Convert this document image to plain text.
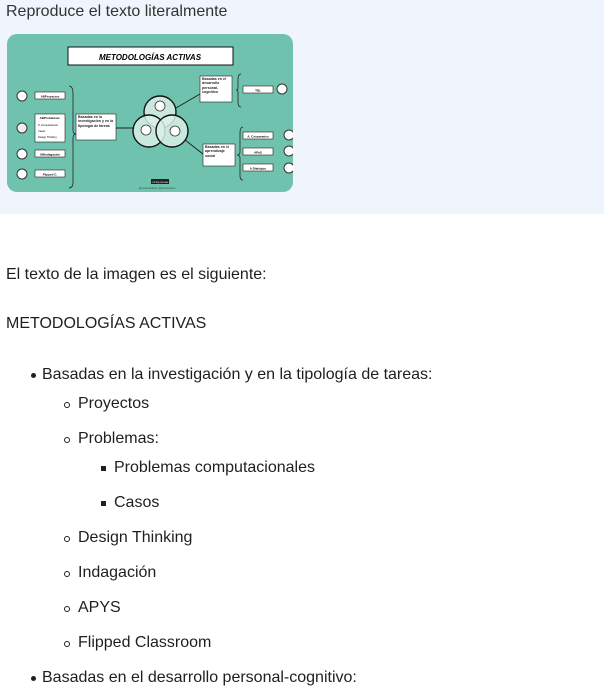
Reproduce el texto literalmente
METODOLOGÍAS ACTIVAS
ABProyectos
ABProblemas:
P. computacional
Casos
Design Thinking
ABIndagación
Flipped C.
Basadas en la investigación y en la tipología de tareas
Basadas en el desarrollo personal-cognitivo	TBL
Basadas en el aprendizaje social
A. Cooperativo
APyS
A.Dialógico
cc by-nc-sa
@susanalobelo @bertamares

El texto de la imagen es el siguiente:

METODOLOGÍAS ACTIVAS

Basadas en la investigación y en la tipología de tareas:
Proyectos
Problemas:
Problemas computacionales
Casos
Design Thinking
Indagación
APYS
Flipped Classroom
Basadas en el desarrollo personal-cognitivo:
